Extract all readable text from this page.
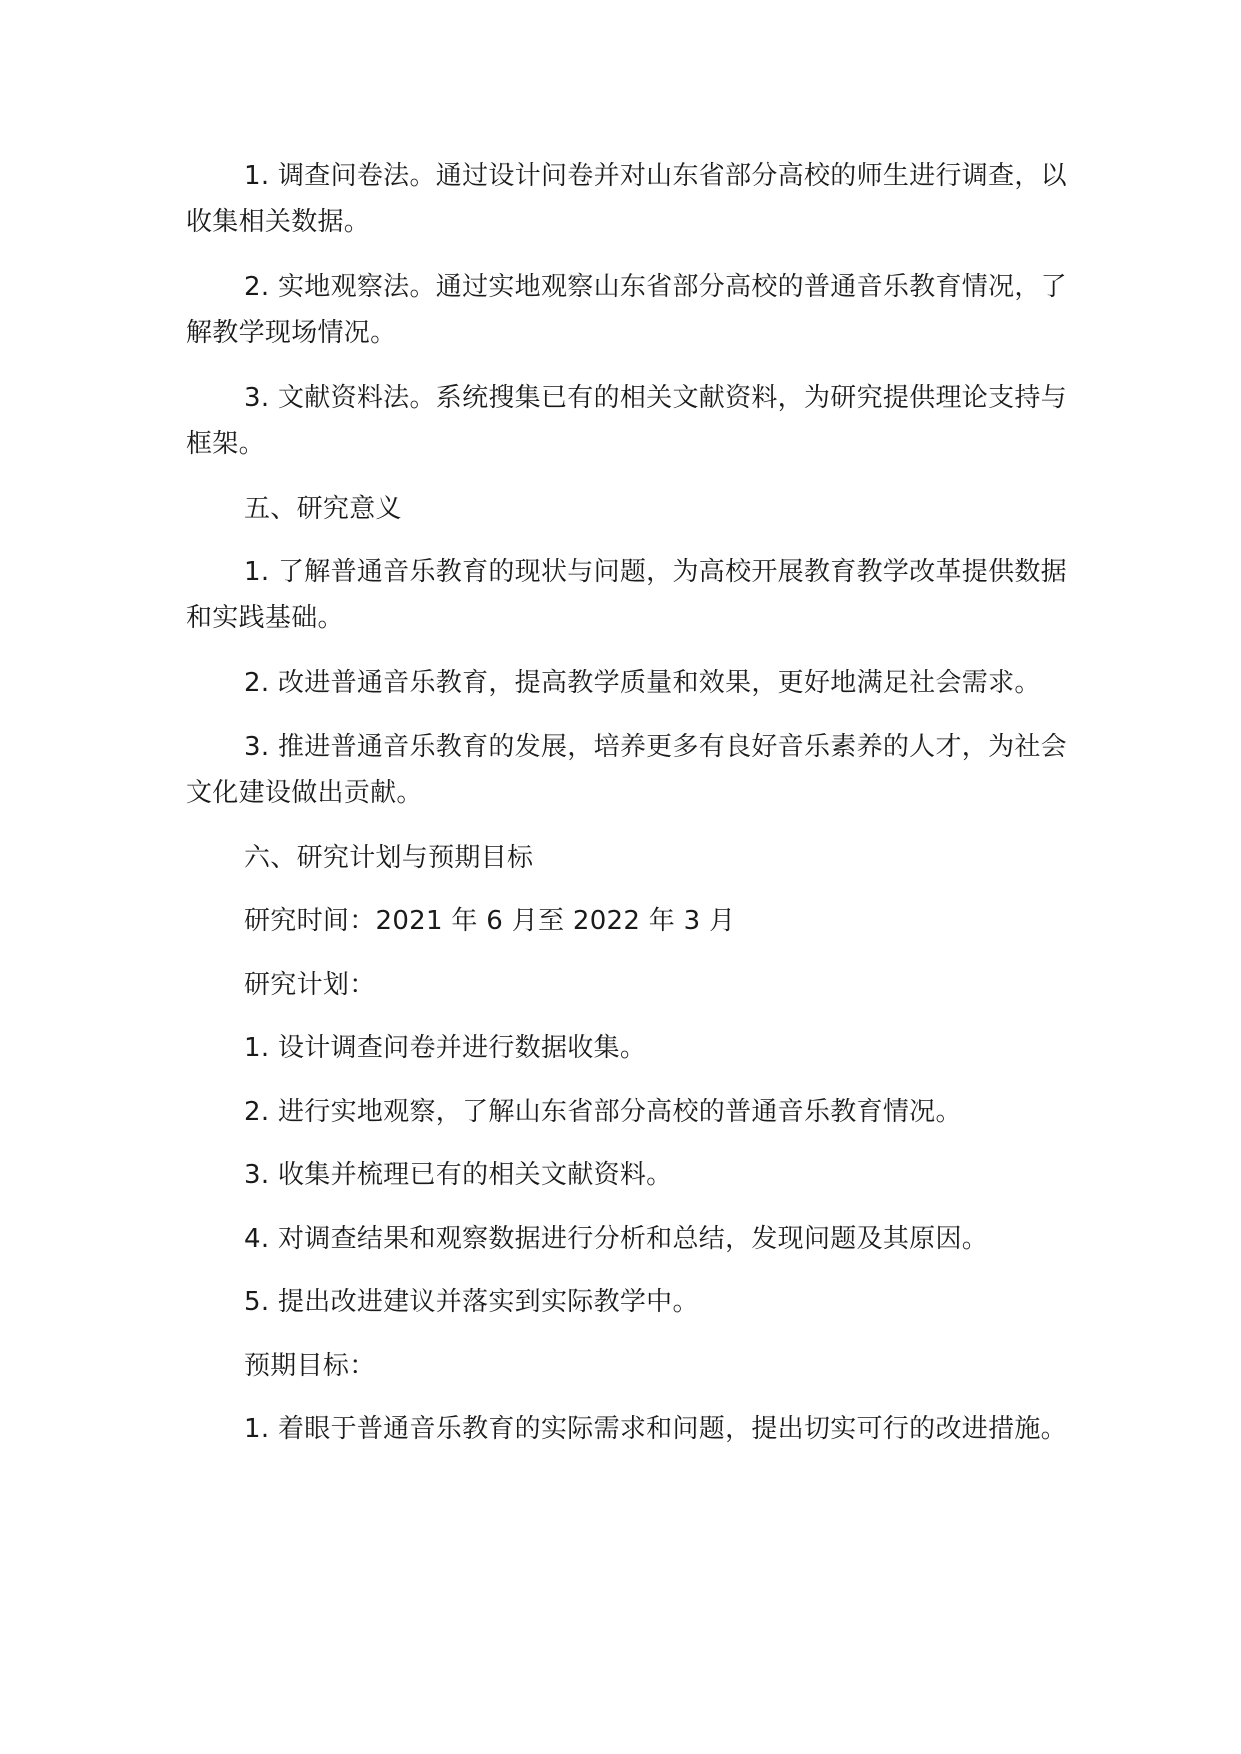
1. 调查问卷法。通过设计问卷并对山东省部分高校的师生进行调查，以收集相关数据。

2. 实地观察法。通过实地观察山东省部分高校的普通音乐教育情况，了解教学现场情况。

3. 文献资料法。系统搜集已有的相关文献资料，为研究提供理论支持与框架。

五、研究意义

1. 了解普通音乐教育的现状与问题，为高校开展教育教学改革提供数据和实践基础。

2. 改进普通音乐教育，提高教学质量和效果，更好地满足社会需求。

3. 推进普通音乐教育的发展，培养更多有良好音乐素养的人才，为社会文化建设做出贡献。

六、研究计划与预期目标

研究时间：2021 年 6 月至 2022 年 3 月

研究计划：

1. 设计调查问卷并进行数据收集。

2. 进行实地观察，了解山东省部分高校的普通音乐教育情况。

3. 收集并梳理已有的相关文献资料。

4. 对调查结果和观察数据进行分析和总结，发现问题及其原因。

5. 提出改进建议并落实到实际教学中。

预期目标：

1. 着眼于普通音乐教育的实际需求和问题，提出切实可行的改进措施。
